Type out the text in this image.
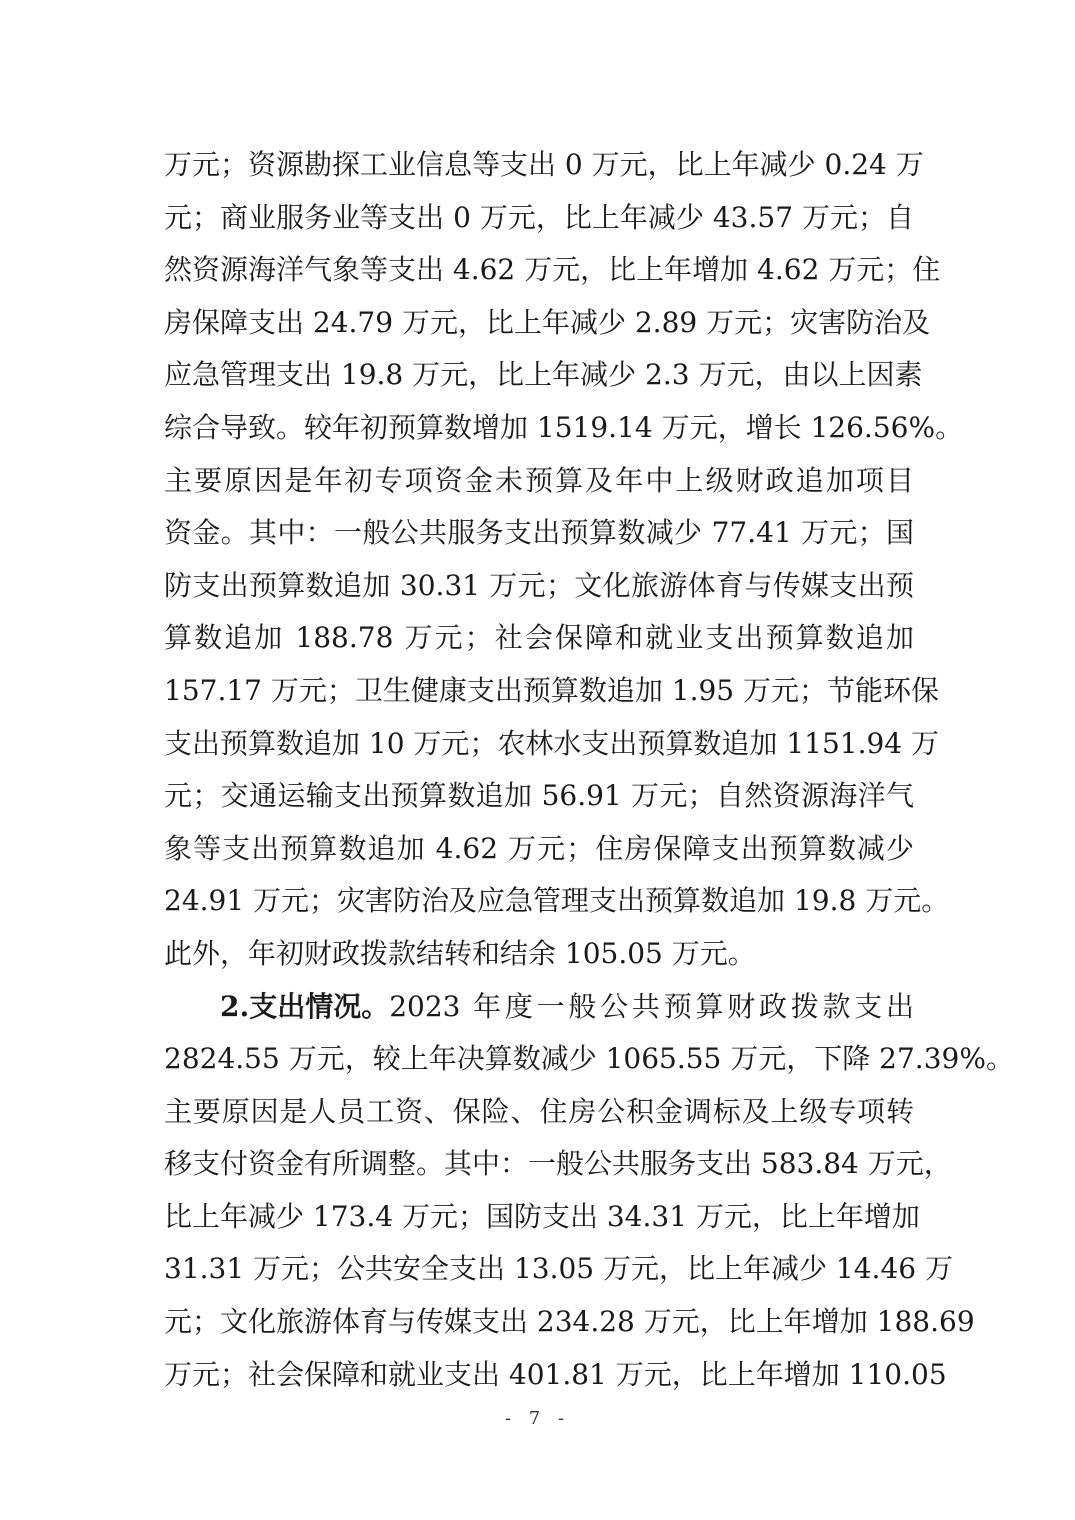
万元；资源勘探工业信息等支出 0 万元，比上年减少 0.24 万
元；商业服务业等支出 0 万元，比上年减少 43.57 万元；自
然资源海洋气象等支出 4.62 万元，比上年增加 4.62 万元；住
房保障支出 24.79 万元，比上年减少 2.89 万元；灾害防治及
应急管理支出 19.8 万元，比上年减少 2.3 万元，由以上因素
综合导致。较年初预算数增加 1519.14 万元，增长 126.56%。
主要原因是年初专项资金未预算及年中上级财政追加项目
资金。其中：一般公共服务支出预算数减少 77.41 万元；国
防支出预算数追加 30.31 万元；文化旅游体育与传媒支出预
算数追加 188.78 万元；社会保障和就业支出预算数追加
157.17 万元；卫生健康支出预算数追加 1.95 万元；节能环保
支出预算数追加 10 万元；农林水支出预算数追加 1151.94 万
元；交通运输支出预算数追加 56.91 万元；自然资源海洋气
象等支出预算数追加 4.62 万元；住房保障支出预算数减少
24.91 万元；灾害防治及应急管理支出预算数追加 19.8 万元。
此外，年初财政拨款结转和结余 105.05 万元。
2.支出情况。 2023 年度一般公共预算财政拨款支出
2824.55 万元，较上年决算数减少 1065.55 万元，下降 27.39%。
主要原因是人员工资、保险、住房公积金调标及上级专项转
移支付资金有所调整。其中：一般公共服务支出 583.84 万元，
比上年减少 173.4 万元；国防支出 34.31 万元，比上年增加
31.31 万元；公共安全支出 13.05 万元，比上年减少 14.46 万
元；文化旅游体育与传媒支出 234.28 万元，比上年增加 188.69
万元；社会保障和就业支出 401.81 万元，比上年增加 110.05
- 7 -
